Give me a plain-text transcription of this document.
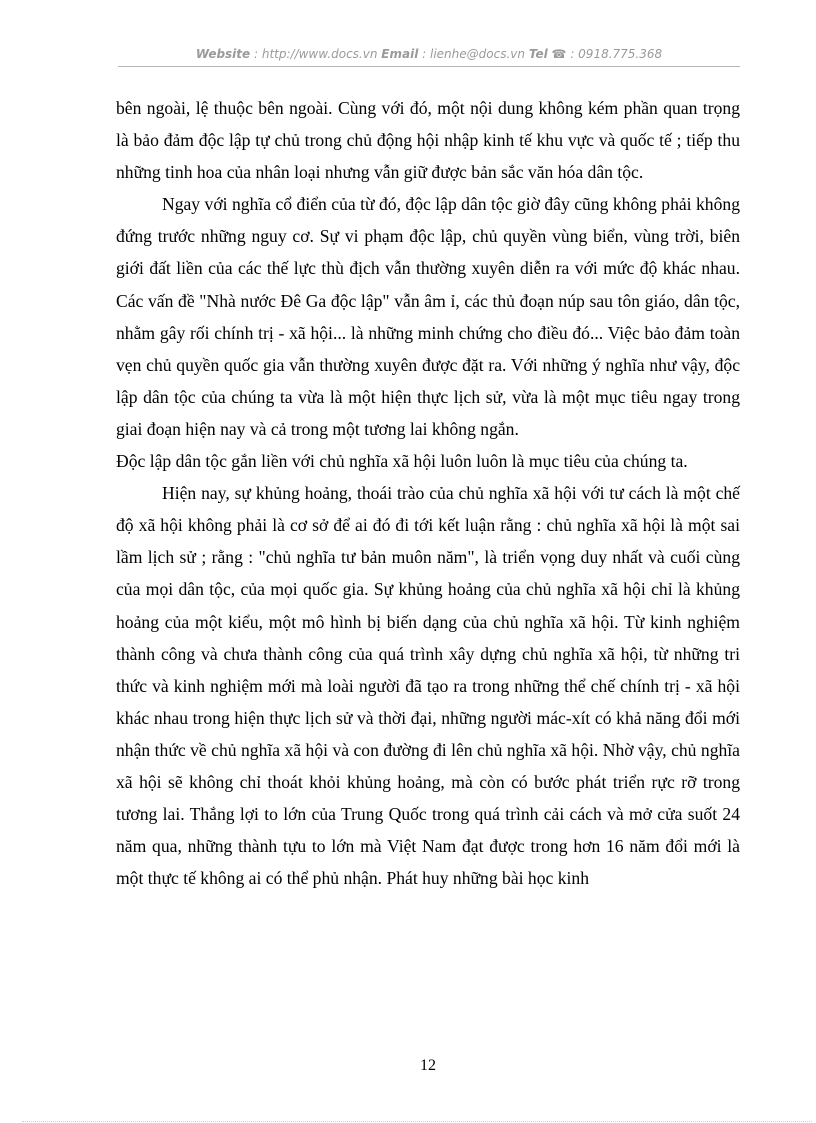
Website : http://www.docs.vn Email : lienhe@docs.vn Tel ☎ : 0918.775.368

bên ngoài, lệ thuộc bên ngoài. Cùng với đó, một nội dung không kém phần quan trọng là bảo đảm độc lập tự chủ trong chủ động hội nhập kinh tế khu vực và quốc tế ; tiếp thu những tinh hoa của nhân loại nhưng vẫn giữ được bản sắc văn hóa dân tộc.

Ngay với nghĩa cổ điển của từ đó, độc lập dân tộc giờ đây cũng không phải không đứng trước những nguy cơ. Sự vi phạm độc lập, chủ quyền vùng biển, vùng trời, biên giới đất liền của các thế lực thù địch vẫn thường xuyên diễn ra với mức độ khác nhau. Các vấn đề "Nhà nước Đê Ga độc lập" vẫn âm ỉ, các thủ đoạn núp sau tôn giáo, dân tộc, nhằm gây rối chính trị - xã hội... là những minh chứng cho điều đó... Việc bảo đảm toàn vẹn chủ quyền quốc gia vẫn thường xuyên được đặt ra. Với những ý nghĩa như vậy, độc lập dân tộc của chúng ta vừa là một hiện thực lịch sử, vừa là một mục tiêu ngay trong giai đoạn hiện nay và cả trong một tương lai không ngắn.

Độc lập dân tộc gắn liền với chủ nghĩa xã hội luôn luôn là mục tiêu của chúng ta.

Hiện nay, sự khủng hoảng, thoái trào của chủ nghĩa xã hội với tư cách là một chế độ xã hội không phải là cơ sở để ai đó đi tới kết luận rằng : chủ nghĩa xã hội là một sai lầm lịch sử ; rằng : "chủ nghĩa tư bản muôn năm", là triển vọng duy nhất và cuối cùng của mọi dân tộc, của mọi quốc gia. Sự khủng hoảng của chủ nghĩa xã hội chỉ là khủng hoảng của một kiểu, một mô hình bị biến dạng của chủ nghĩa xã hội. Từ kinh nghiệm thành công và chưa thành công của quá trình xây dựng chủ nghĩa xã hội, từ những tri thức và kinh nghiệm mới mà loài người đã tạo ra trong những thể chế chính trị - xã hội khác nhau trong hiện thực lịch sử và thời đại, những người mác-xít có khả năng đổi mới nhận thức về chủ nghĩa xã hội và con đường đi lên chủ nghĩa xã hội. Nhờ vậy, chủ nghĩa xã hội sẽ không chỉ thoát khỏi khủng hoảng, mà còn có bước phát triển rực rỡ trong tương lai. Thắng lợi to lớn của Trung Quốc trong quá trình cải cách và mở cửa suốt 24 năm qua, những thành tựu to lớn mà Việt Nam đạt được trong hơn 16 năm đổi mới là một thực tế không ai có thể phủ nhận. Phát huy những bài học kinh

12
